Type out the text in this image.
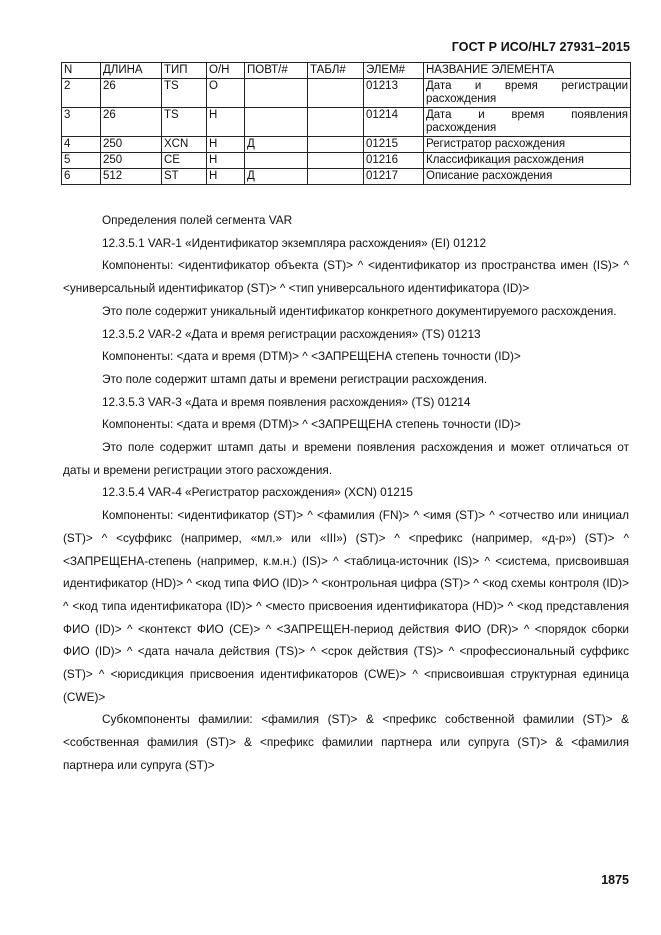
ГОСТ Р ИСО/HL7 27931–2015
N	ДЛИНА	ТИП	О/Н	ПОВТ/#	ТАБЛ#	ЭЛЕМ#	НАЗВАНИЕ ЭЛЕМЕНТА
2	26	TS	О			01213	Дата и время регистрации расхождения
3	26	TS	Н			01214	Дата и время появления расхождения
4	250	XCN	Н	Д		01215	Регистратор расхождения
5	250	CE	Н			01216	Классификация расхождения
6	512	ST	Н	Д		01217	Описание расхождения

Определения полей сегмента VAR

12.3.5.1 VAR-1 «Идентификатор экземпляра расхождения» (EI) 01212

Компоненты: <идентификатор объекта (ST)> ^ <идентификатор из пространства имен (IS)> ^ <универсальный идентификатор (ST)> ^ <тип универсального идентификатора (ID)>

Это поле содержит уникальный идентификатор конкретного документируемого расхождения.

12.3.5.2 VAR-2 «Дата и время регистрации расхождения» (TS) 01213

Компоненты: <дата и время (DTM)> ^ <ЗАПРЕЩЕНА степень точности (ID)>

Это поле содержит штамп даты и времени регистрации расхождения.

12.3.5.3 VAR-3 «Дата и время появления расхождения» (TS) 01214

Компоненты: <дата и время (DTM)> ^ <ЗАПРЕЩЕНА степень точности (ID)>

Это поле содержит штамп даты и времени появления расхождения и может отличаться от даты и времени регистрации этого расхождения.

12.3.5.4 VAR-4 «Регистратор расхождения» (XCN) 01215

Компоненты: <идентификатор (ST)> ^ <фамилия (FN)> ^ <имя (ST)> ^ <отчество или инициал (ST)> ^ <суффикс (например, «мл.» или «III») (ST)> ^ <префикс (например, «д-р») (ST)> ^ <ЗАПРЕЩЕНА-степень (например, к.м.н.) (IS)> ^ <таблица-источник (IS)> ^ <система, присвоившая идентификатор (HD)> ^ <код типа ФИО (ID)> ^ <контрольная цифра (ST)> ^ <код схемы контроля (ID)> ^ <код типа идентификатора (ID)> ^ <место присвоения идентификатора (HD)> ^ <код представления ФИО (ID)> ^ <контекст ФИО (CE)> ^ <ЗАПРЕЩЕН-период действия ФИО (DR)> ^ <порядок сборки ФИО (ID)> ^ <дата начала действия (TS)> ^ <срок действия (TS)> ^ <профессиональный суффикс (ST)> ^ <юрисдикция присвоения идентификаторов (CWE)> ^ <присвоившая структурная единица (CWE)>

Субкомпоненты фамилии: <фамилия (ST)> & <префикс собственной фамилии (ST)> & <собственная фамилия (ST)> & <префикс фамилии партнера или супруга (ST)> & <фамилия партнера или супруга (ST)>

1875
